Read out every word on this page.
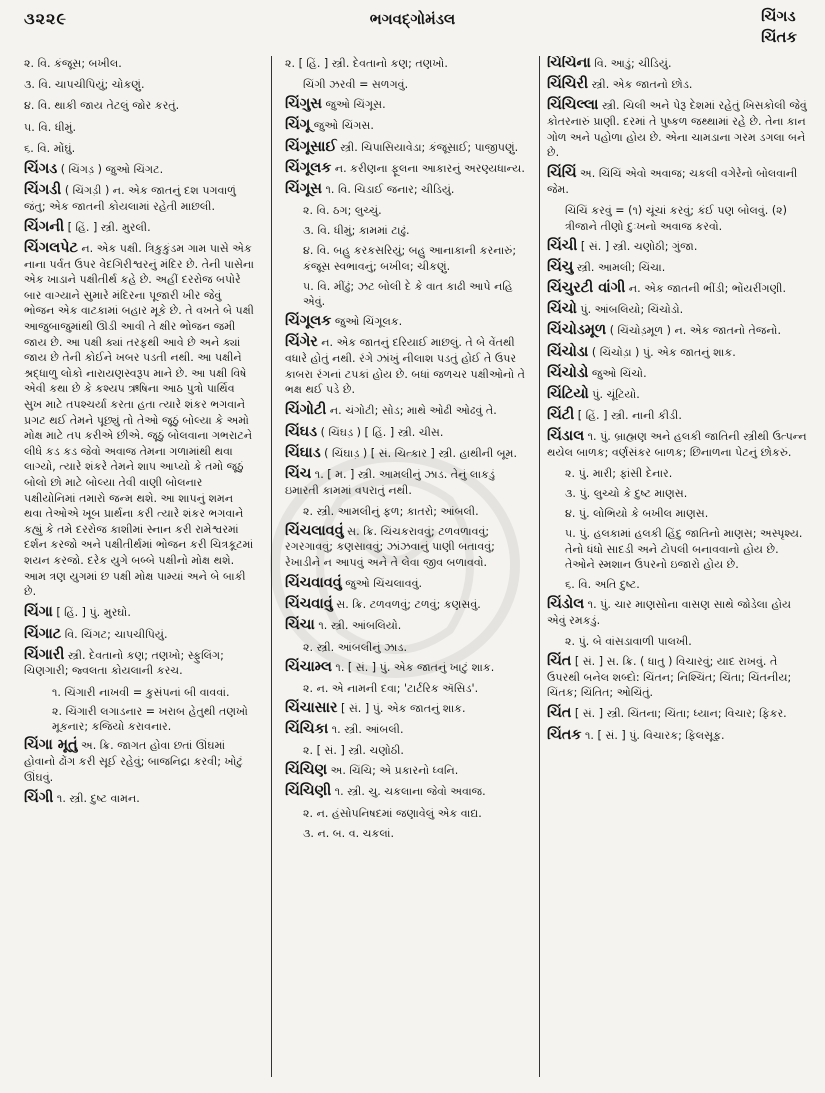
૩૨૨૯	ભગવદ્ગોમંડલ	ચિંગડ
ચિંતક
૨. વિ. કંજૂસ; બખીલ.
૩. વિ. ચાપચીપિયું; ચોકણું.
૪. વિ. થાકી જાય તેટલું જોર કરતું.
૫. વિ. ધીમું.
૬. વિ. મોંઘું.
ચિંગડ ( ચિંગડ઼ ) જુઓ ચિંગટ.
ચિંગડી ( ચિંગડ઼ી ) ન. એક જાતનું દશ પગવાળું જંતુ; એક જાતની કોયલામાં રહેતી માછલી.
ચિંગની [ હિં. ] સ્ત્રી. મુરલી.
ચિંગલપેટ ન. એક પક્ષી. ત્રિકુકુંડમ ગામ પાસે એક નાના પર્વત ઉપર વેદગિરીશ્વરનું મંદિર છે. તેની પાસેના એક ખાડાને પક્ષીતીર્થ કહે છે. અહીં દરરોજ બપોરે બાર વાગ્યાને સુમારે મંદિરના પૂજારી ખીર જેવું ભોજન એક વાટકામાં બહાર મૂકે છે. તે વખતે બે પક્ષી આજુબાજુમાંથી ઊડી આવી તે ક્ષીર ભોજન જમી જાય છે. આ પક્ષી ક્યાં તરફથી આવે છે અને ક્યાં જાય છે તેની કોઈને ખબર પડતી નથી. આ પક્ષીને શ્રદ્ધાળુ લોકો નારાયણસ્વરૂપ માને છે. આ પક્ષી વિષે એવી કથા છે કે કશ્યપ ઋષિના આઠ પુત્રો પાર્થિવ સુખ માટે તપશ્ચર્યા કરતા હતા ત્યારે શંકર ભગવાને પ્રગટ થઈ તેમને પૂછ્યું તો તેઓ જૂઠું બોલ્યા કે અમો મોક્ષ માટે તપ કરીએ છીએ. જૂઠું બોલવાના ગભરાટને લીધે કડ કડ જેવો અવાજ તેમના ગળામાંથી થવા લાગ્યો, ત્યારે શંકરે તેમને શાપ આપ્યો કે તમો જૂઠું બોલો છો માટે બોલ્યા તેવી વાણી બોલનાર પક્ષીયોનિમાં તમારો જન્મ થશે. આ શાપનું શમન થવા તેઓએ ખૂબ પ્રાર્થના કરી ત્યારે શંકર ભગવાને કહ્યું કે તમે દરરોજ કાશીમાં સ્નાન કરી રામેશ્વરમાં દર્શન કરજો અને પક્ષીતીર્થમાં ભોજન કરી ચિત્રકૂટમાં શયન કરજો. દરેક યુગે બબ્બે પક્ષીનો મોક્ષ થશે. આમ ત્રણ યુગમાં છ પક્ષી મોક્ષ પામ્યાં અને બે બાકી છે.
ચિંગા [ હિં. ] પું. મુરઘો.
ચિંગાટ વિ. ચિંગટ; ચાપચીપિયું.
ચિંગારી સ્ત્રી. દેવતાનો કણ; તણખો; સ્ફુલિંગ; ચિણગારી; જ્વલતા કોયલાની કરચ.
૧. ચિંગારી નાખવી = કુસંપનાં બી વાવવાં.
૨. ચિંગારી લગાડનાર = ખરાબ હેતુથી તણખો મૂકનાર; કજિયો કરાવનાર.
ચિંગા મૂતું અ. ક્રિ. જાગત હોવા છતાં ઊંઘમાં હોવાનો ઢોંગ કરી સૂઈ રહેવું; બાજનિદ્રા કરવી; ખોટું ઊંઘવું.
ચિંગી ૧. સ્ત્રી. દુષ્ટ વામન.
૨. [ હિં. ] સ્ત્રી. દેવતાનો કણ; તણખો.
ચિંગી ઝરવી = સળગવું.
ચિંગુસ જુઓ ચિંગૂસ.
ચિંગૂ જુઓ ચિંગસ.
ચિંગૂસાઈ સ્ત્રી. ચિપાસિયાવેડા; કંજૂસાઈ; પાજીપણું.
ચિંગૂલક ન. કરીણના ફૂલના આકારનું અરણ્યધાન્ય.
ચિંગૂસ ૧. વિ. ચિડાઈ જનાર; ચીડિયું.
૨. વિ. ઠગ; લુચ્ચું.
૩. વિ. ધીમું; કામમાં ટાઢું.
૪. વિ. બહુ કરકસરિયું; બહુ આનાકાની કરનારું; કંજૂસ સ્વભાવનું; બખીલ; ચીકણું.
૫. વિ. મીંઢું; ઝટ બોલી દે કે વાત કાઢી આપે નહિ એવું.
ચિંગૂલક જુઓ ચિંગૂલક.
ચિંગેર ન. એક જાતનું દરિયાઈ માછલું. તે બે વેંતથી વધારે હોતું નથી. રંગે ઝાંખું નીલાશ પડતું હોઈ તે ઉપર કાબરા રંગનાં ટપકાં હોય છે. બધાં જળચર પક્ષીઓનો તે ભક્ષ થઈ પડે છે.
ચિંગોટી ન. ચંગોટી; સોડ; માથે ઓઢી ઓઢવું તે.
ચિંઘડ ( ચિંઘડ઼ ) [ હિં. ] સ્ત્રી. ચીસ.
ચિંઘાડ ( ચિંઘાડ઼ ) [ સં. ચિત્કાર ] સ્ત્રી. હાથીની બૂમ.
ચિંચ ૧. [ મ. ] સ્ત્રી. આમલીનું ઝાડ. તેનું લાકડું ઇમારતી કામમાં વપરાતું નથી.
૨. સ્ત્રી. આમલીનું ફળ; કાતરો; આંબલી.
ચિંચલાવવું સ. ક્રિ. ચિંચકરાવવું; ટળવળાવવું; રગરગાવવું; કણસાવવું; ઝાંઝવાનું પાણી બતાવવું; રેખાડીને ન આપવું અને તે લેવા જીવ બળાવવો.
ચિંચવાવવું જુઓ ચિંચલાવવું.
ચિંચવાવું સ. ક્રિ. ટળવળવું; ટળવું; કણસવું.
ચિંચા ૧. સ્ત્રી. આંબલિયો.
૨. સ્ત્રી. આંબલીનું ઝાડ.
ચિંચામ્લ ૧. [ સં. ] પું. એક જાતનું ખાટું શાક.
૨. ન. એ નામની દવા; 'ટાર્ટરિક ઍસિડ'.
ચિંચાસાર [ સં. ] પું. એક જાતનું શાક.
ચિંચિકા ૧. સ્ત્રી. આંબલી.
૨. [ સં. ] સ્ત્રી. ચણોઠી.
ચિંચિણ અ. ચિંચિ; એ પ્રકારનો ધ્વનિ.
ચિંચિણી ૧. સ્ત્રી. ચુ. ચકલાના જેવો અવાજ.
૨. ન. હંસોપનિષદમાં જણાવેલું એક વાદ્ય.
૩. ન. બ. વ. ચકલાં.
ચિંચિના વિ. આડું; ચીડિયું.
ચિંચિરી સ્ત્રી. એક જાતનો છોડ.
ચિંચિલ્લા સ્ત્રી. ચિલી અને પેરૂ દેશમાં રહેતું ખિસકોલી જેવું કોતરનારું પ્રાણી. દરમાં તે પુષ્કળ જથ્થામાં રહે છે. તેના કાન ગોળ અને પહોળા હોય છે. એના ચામડાના ગરમ ડગલા બને છે.
ચિંચિં અ. ચિંચિં એવો અવાજ; ચકલી વગેરેનો બોલવાની જેમ.
ચિંચિં કરવું = (૧) ચૂંચાં કરવું; કંઈ પણ બોલવું. (૨) ત્રીજાને તીણો દુઃખનો અવાજ કરવો.
ચિંચી [ સં. ] સ્ત્રી. ચણોઠી; ગુંજા.
ચિંચુ સ્ત્રી. આમલી; ચિંચા.
ચિંચુરટી વાંગી ન. એક જાતની ભીંડી; ભોંયરીંગણી.
ચિંચો પું. આંબલિયો; ચિંચોડો.
ચિંચોડમૂળ ( ચિંચોડ઼મૂળ ) ન. એક જાતનો તેજનો.
ચિંચોડા ( ચિંચોડ઼ા ) પું. એક જાતનું શાક.
ચિંચોડો જુઓ ચિંચો.
ચિંટિયો પું. ચૂંટિયો.
ચિંટી [ હિં. ] સ્ત્રી. નાની કીડી.
ચિંડાલ ૧. પું. બ્રાહ્મણ અને હલકી જાતિની સ્ત્રીથી ઉત્પન્ન થયેલ બાળક; વર્ણસંકર બાળક; છિનાળના પેટનું છોકરું.
૨. પું. મારી; ફાંસી દેનાર.
૩. પું. લુચ્ચો કે દુષ્ટ માણસ.
૪. પું. લોભિયો કે બખીલ માણસ.
૫. પું. હલકામાં હલકી હિંદુ જાતિનો માણસ; અસ્પૃશ્ય. તેનો ધંધો સાદડી અને ટોપલી બનાવવાનો હોય છે. તેઓને સ્મશાન ઉપરનો ઇજારો હોય છે.
૬. વિ. અતિ દુષ્ટ.
ચિંડોલ ૧. પું. ચાર માણસોના વાસણ સાથે જોડેલા હોય એવું રમકડું.
૨. પું. બે વાંસડાવાળી પાલખી.
ચિંત [ સં. ] સ. ક્રિ. ( ધાતુ ) વિચારવું; યાદ રાખવું. તે ઉપરથી બનેલ શબ્દો: ચિંતન; નિશ્ચિંત; ચિંતા; ચિંતનીય; ચિંતક; ચિંતિત; ઓચિંતું.
ચિંત [ સં. ] સ્ત્રી. ચિંતના; ચિંતા; ધ્યાન; વિચાર; ફિકર.
ચિંતક ૧. [ સં. ] પું. વિચારક; ફિલસૂફ.
